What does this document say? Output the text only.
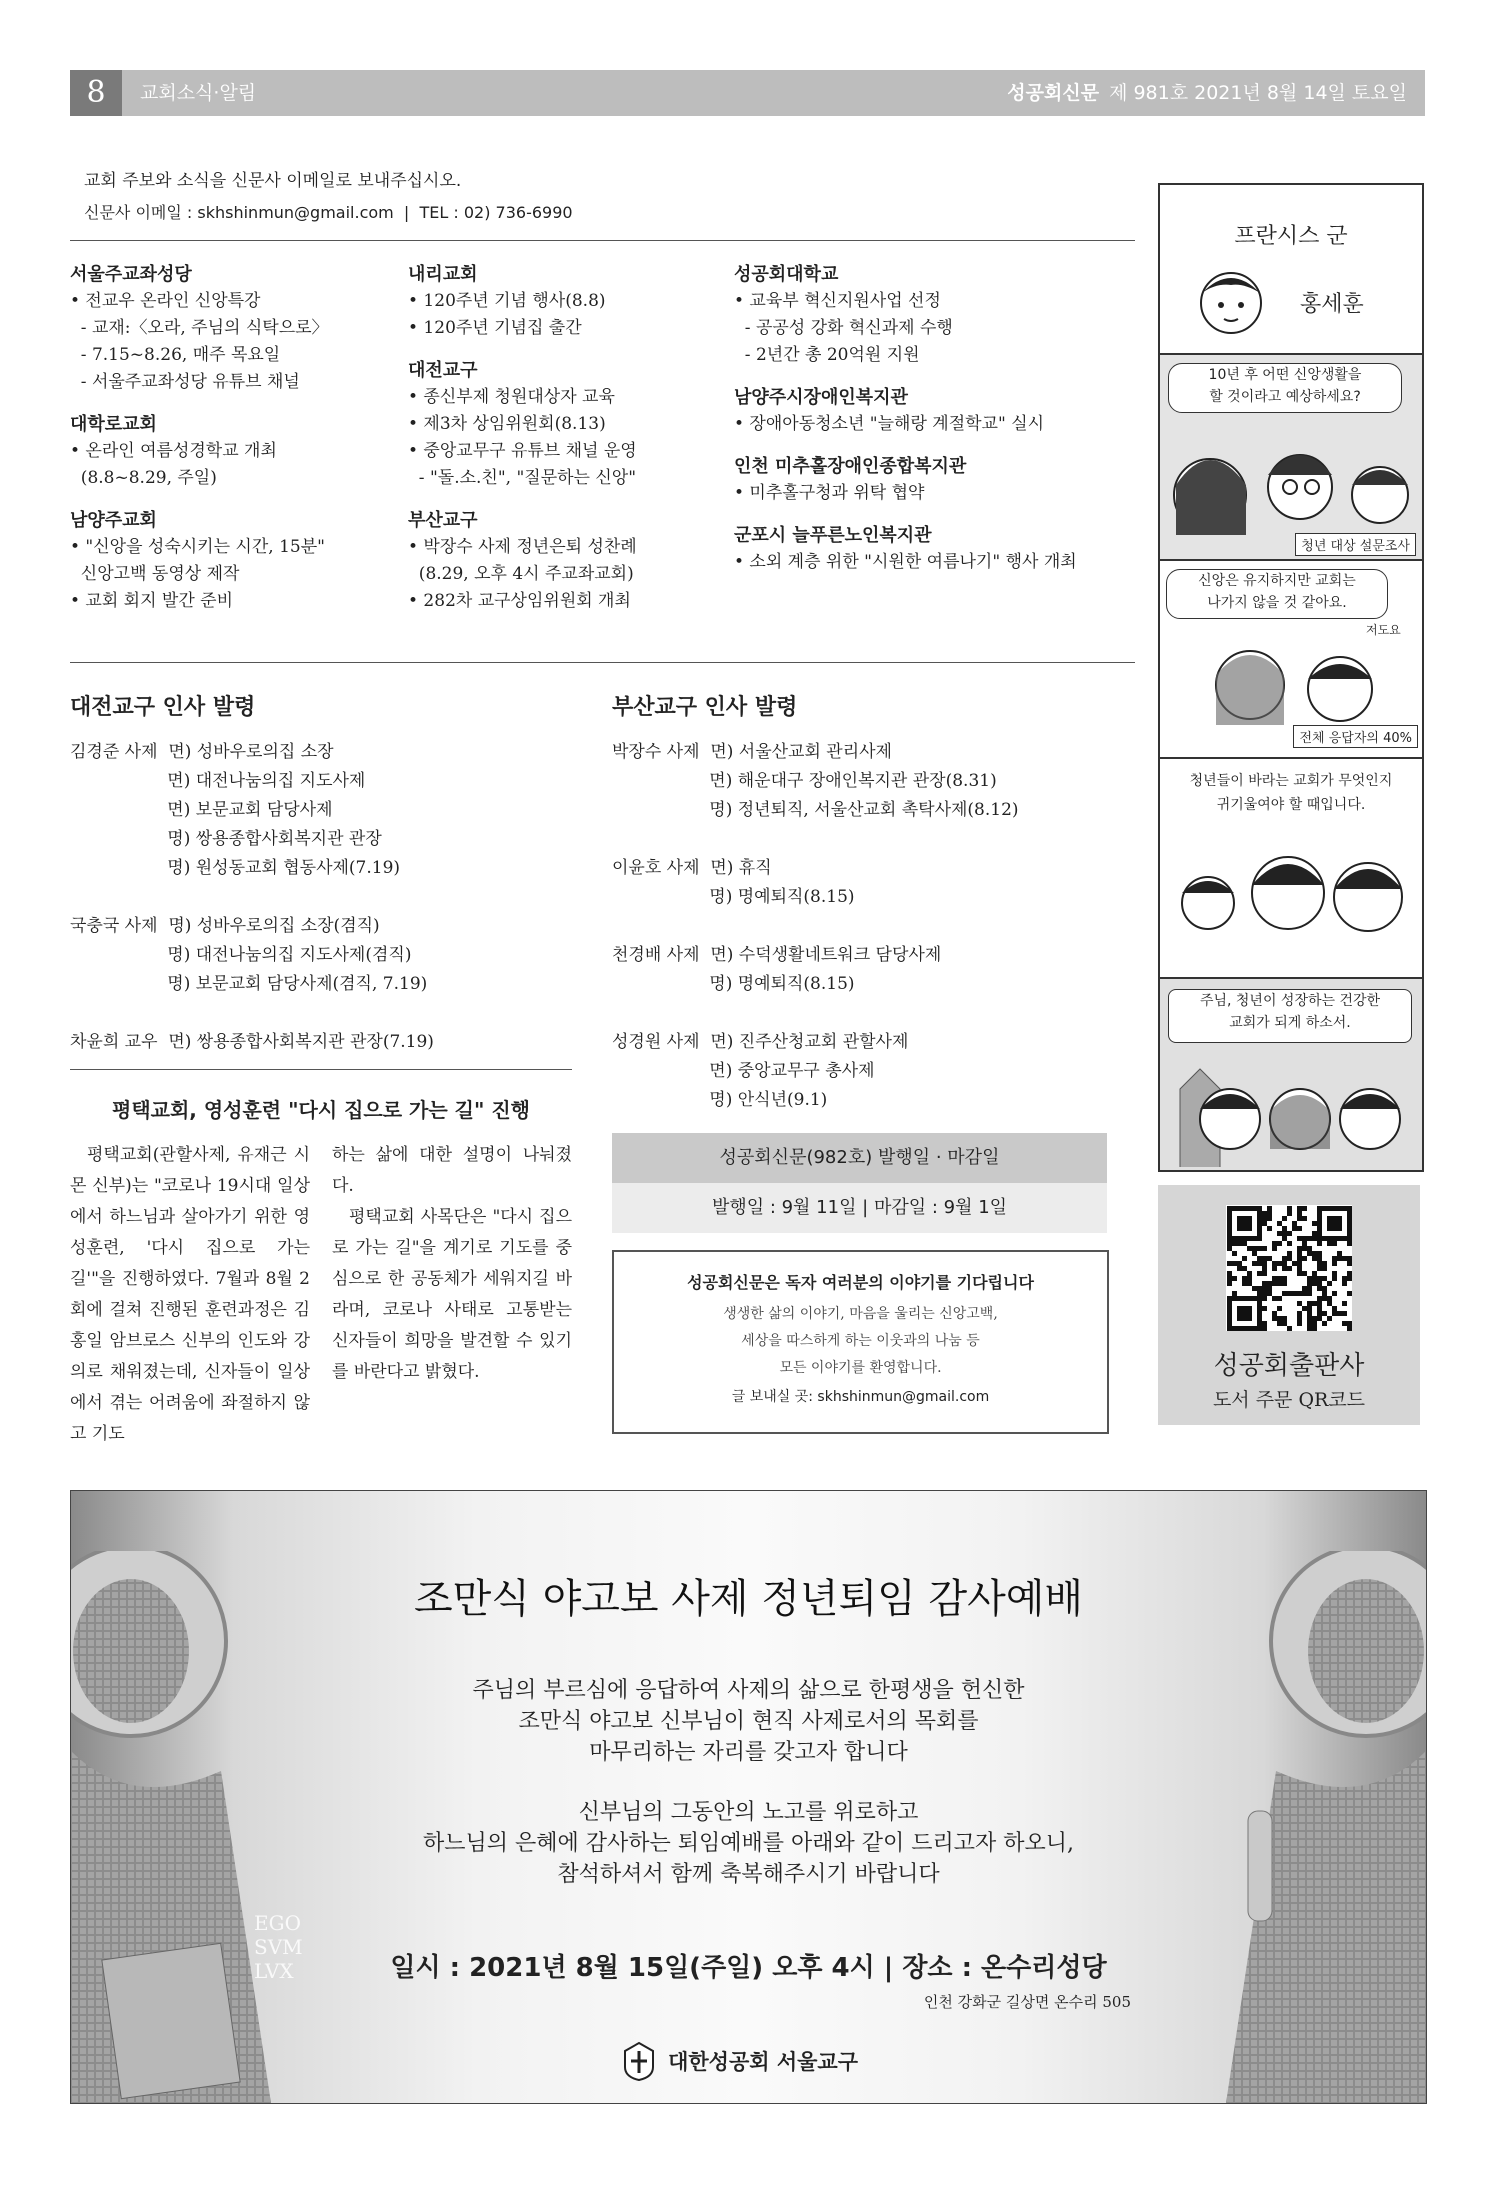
8	교회소식·알림	성공회신문 제 981호 2021년 8월 14일 토요일
교회 주보와 소식을 신문사 이메일로 보내주십시오.
신문사 이메일 : skhshinmun@gmail.com  |  TEL : 02) 736-6990
서울주교좌성당
• 전교우 온라인 신앙특강
- 교재:〈오라, 주님의 식탁으로〉
- 7.15~8.26, 매주 목요일
- 서울주교좌성당 유튜브 채널
대학로교회
• 온라인 여름성경학교 개최
(8.8~8.29, 주일)
남양주교회
• "신앙을 성숙시키는 시간, 15분"
신앙고백 동영상 제작
• 교회 회지 발간 준비
내리교회
• 120주년 기념 행사(8.8)
• 120주년 기념집 출간
대전교구
• 종신부제 청원대상자 교육
• 제3차 상임위원회(8.13)
• 중앙교무구 유튜브 채널 운영
- "돌.소.친", "질문하는 신앙"
부산교구
• 박장수 사제 정년은퇴 성찬례
(8.29, 오후 4시 주교좌교회)
• 282차 교구상임위원회 개최
성공회대학교
• 교육부 혁신지원사업 선정
- 공공성 강화 혁신과제 수행
- 2년간 총 20억원 지원
남양주시장애인복지관
• 장애아동청소년 "늘해랑 계절학교" 실시
인천 미추홀장애인종합복지관
• 미추홀구청과 위탁 협약
군포시 늘푸른노인복지관
• 소외 계층 위한 "시원한 여름나기" 행사 개최
대전교구 인사 발령
김경준 사제  면) 성바우로의집 소장
면) 대전나눔의집 지도사제
면) 보문교회 담당사제
명) 쌍용종합사회복지관 관장
명) 원성동교회 협동사제(7.19)

국충국 사제  명) 성바우로의집 소장(겸직)
명) 대전나눔의집 지도사제(겸직)
명) 보문교회 담당사제(겸직, 7.19)

차윤희 교우  면) 쌍용종합사회복지관 관장(7.19)
부산교구 인사 발령
박장수 사제  면) 서울산교회 관리사제
면) 해운대구 장애인복지관 관장(8.31)
명) 정년퇴직, 서울산교회 촉탁사제(8.12)

이윤호 사제  면) 휴직
명) 명예퇴직(8.15)

천경배 사제  면) 수덕생활네트워크 담당사제
명) 명예퇴직(8.15)

성경원 사제  면) 진주산청교회 관할사제
면) 중앙교무구 총사제
명) 안식년(9.1)
평택교회, 영성훈련 "다시 집으로 가는 길" 진행
평택교회(관할사제, 유재근 시몬 신부)는 "코로나 19시대 일상에서 하느님과 살아가기 위한 영성훈련, '다시 집으로 가는 길'"을 진행하였다. 7월과 8월 2회에 걸쳐 진행된 훈련과정은 김홍일 암브로스 신부의 인도와 강의로 채워졌는데, 신자들이 일상에서 겪는 어려움에 좌절하지 않고 기도
하는 삶에 대한 설명이 나눠졌다.
평택교회 사목단은 "다시 집으로 가는 길"을 계기로 기도를 중심으로 한 공동체가 세워지길 바라며, 코로나 사태로 고통받는 신자들이 희망을 발견할 수 있기를 바란다고 밝혔다.
성공회신문(982호) 발행일 · 마감일
발행일 : 9월 11일 | 마감일 : 9월 1일
성공회신문은 독자 여러분의 이야기를 기다립니다
생생한 삶의 이야기, 마음을 울리는 신앙고백,
세상을 따스하게 하는 이웃과의 나눔 등
모든 이야기를 환영합니다.
글 보내실 곳: skhshinmun@gmail.com
프란시스 군
홍세훈
10년 후 어떤 신앙생활을
할 것이라고 예상하세요?
청년 대상 설문조사
신앙은 유지하지만 교회는
나가지 않을 것 같아요.
저도요
전체 응답자의 40%
청년들이 바라는 교회가 무엇인지
귀기울여야 할 때입니다.
주님, 청년이 성장하는 건강한
교회가 되게 하소서.
성공회출판사
도서 주문 QR코드
EGO
SVM
LVX
조만식 야고보 사제 정년퇴임 감사예배
주님의 부르심에 응답하여 사제의 삶으로 한평생을 헌신한
조만식 야고보 신부님이 현직 사제로서의 목회를
마무리하는 자리를 갖고자 합니다
신부님의 그동안의 노고를 위로하고
하느님의 은혜에 감사하는 퇴임예배를 아래와 같이 드리고자 하오니,
참석하셔서 함께 축복해주시기 바랍니다
일시 : 2021년 8월 15일(주일) 오후 4시 | 장소 : 온수리성당
인천 강화군 길상면 온수리 505
대한성공회 서울교구
